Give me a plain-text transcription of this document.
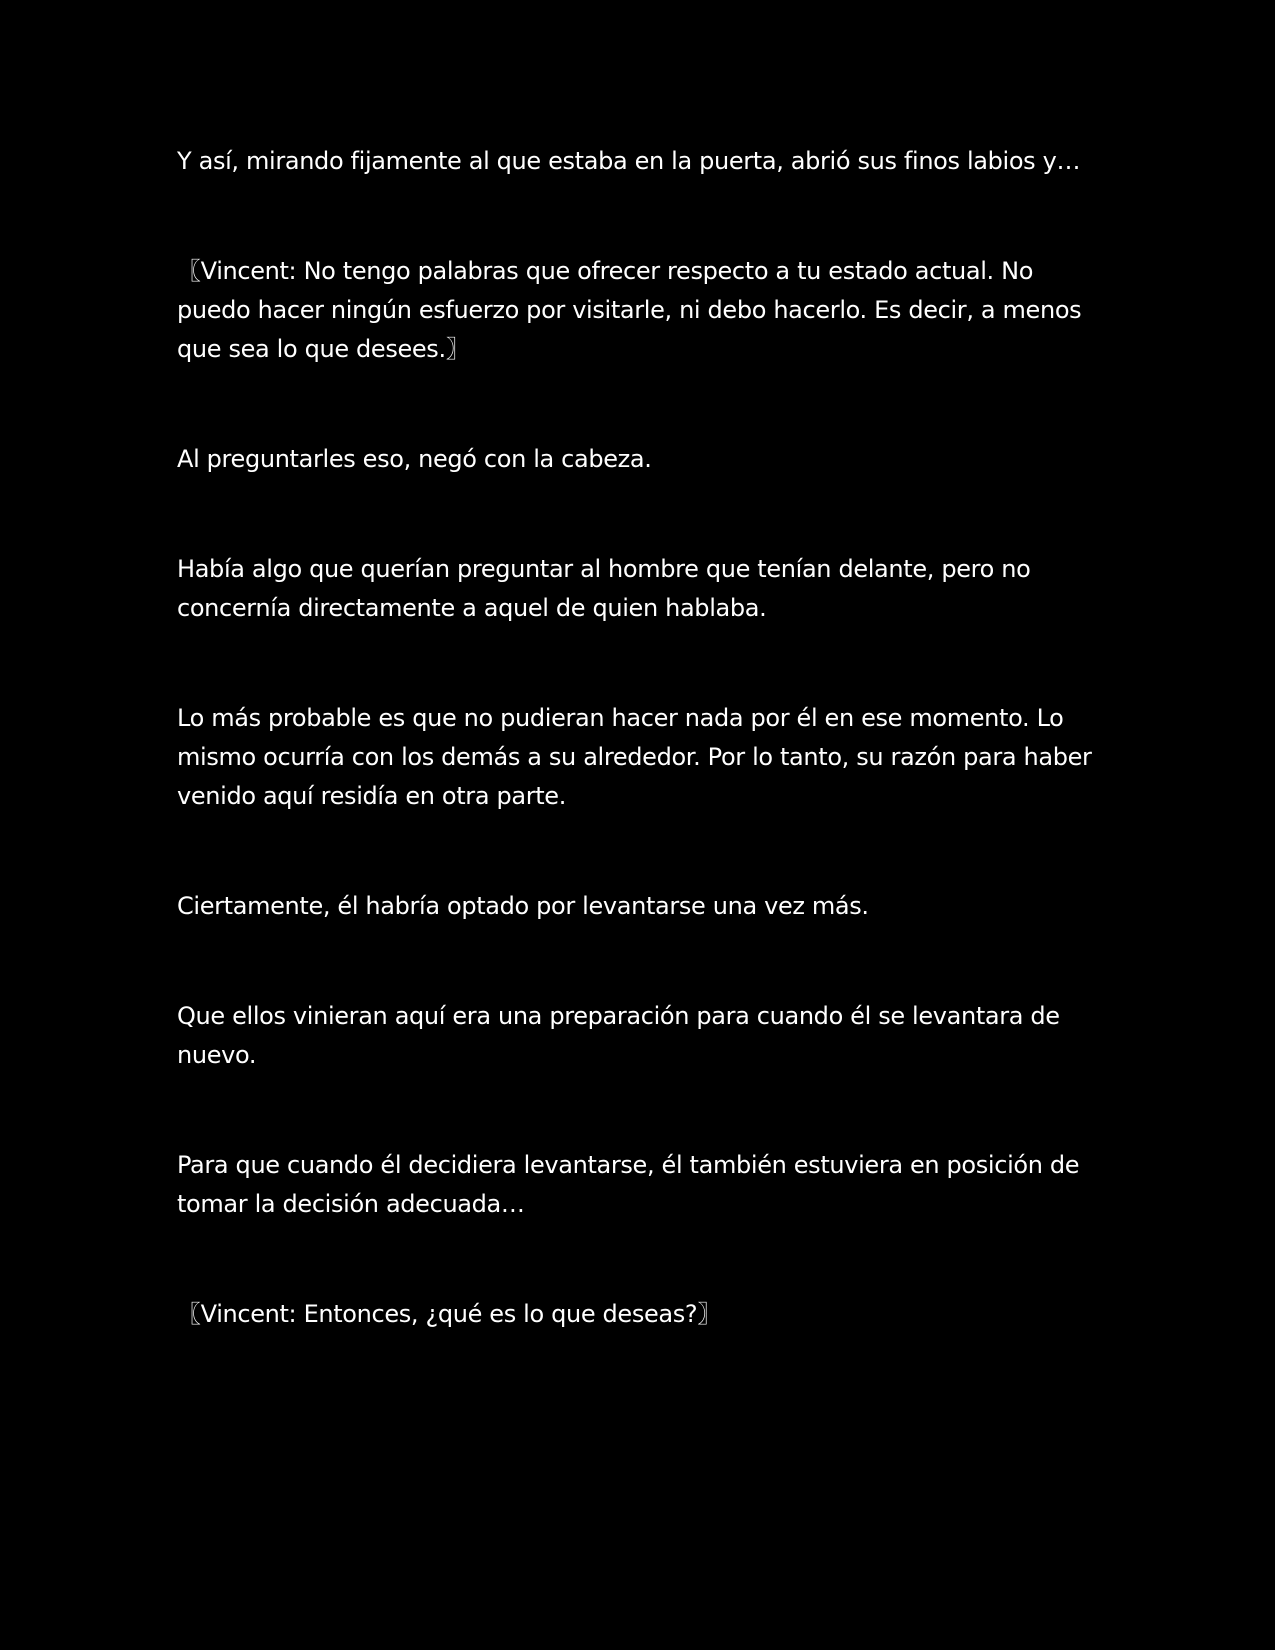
Y así, mirando fijamente al que estaba en la puerta, abrió sus finos labios y…

〖Vincent: No tengo palabras que ofrecer respecto a tu estado actual. No puedo hacer ningún esfuerzo por visitarle, ni debo hacerlo. Es decir, a menos que sea lo que desees.〗

Al preguntarles eso, negó con la cabeza.

Había algo que querían preguntar al hombre que tenían delante, pero no concernía directamente a aquel de quien hablaba.

Lo más probable es que no pudieran hacer nada por él en ese momento. Lo mismo ocurría con los demás a su alrededor. Por lo tanto, su razón para haber venido aquí residía en otra parte.

Ciertamente, él habría optado por levantarse una vez más.

Que ellos vinieran aquí era una preparación para cuando él se levantara de nuevo.

Para que cuando él decidiera levantarse, él también estuviera en posición de tomar la decisión adecuada…

〖Vincent: Entonces, ¿qué es lo que deseas?〗
